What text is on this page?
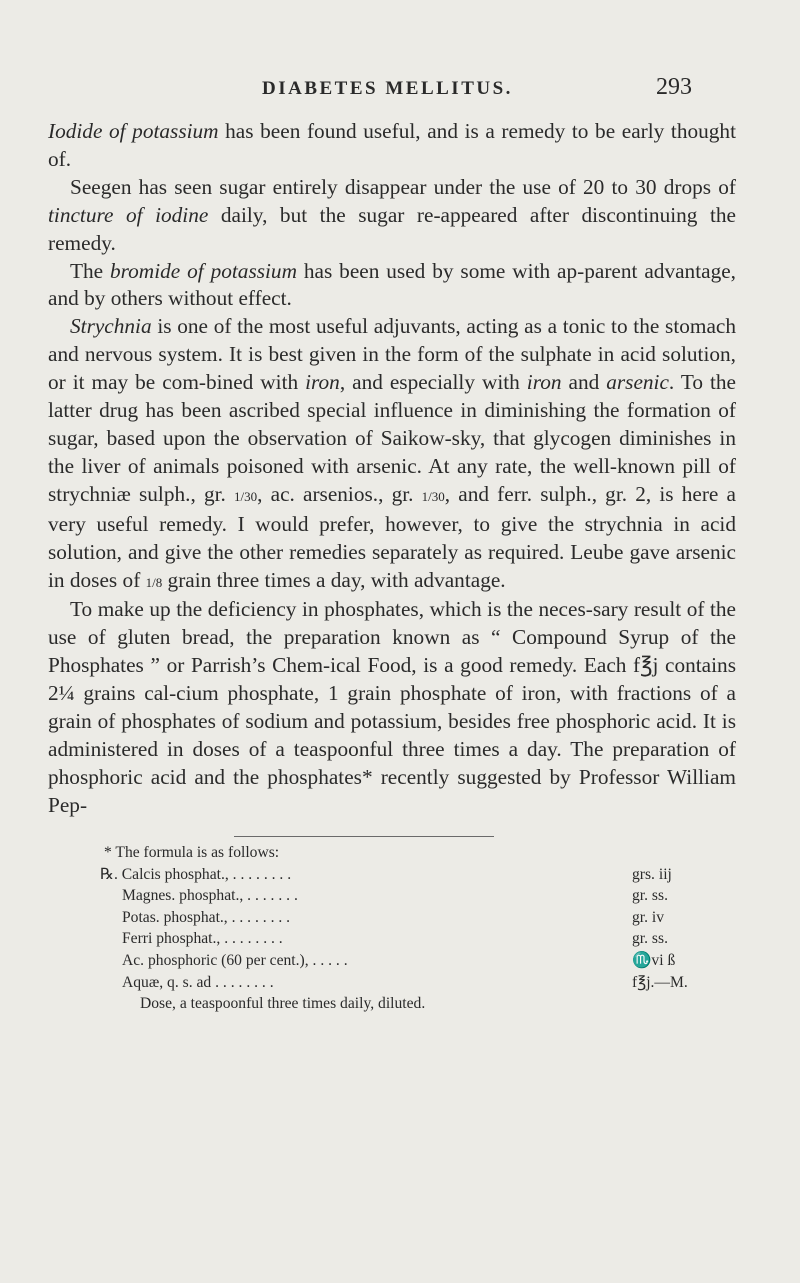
DIABETES MELLITUS.	293

Iodide of potassium has been found useful, and is a remedy to be early thought of.

Seegen has seen sugar entirely disappear under the use of 20 to 30 drops of tincture of iodine daily, but the sugar re-appeared after discontinuing the remedy.

The bromide of potassium has been used by some with ap-parent advantage, and by others without effect.

Strychnia is one of the most useful adjuvants, acting as a tonic to the stomach and nervous system. It is best given in the form of the sulphate in acid solution, or it may be com-bined with iron, and especially with iron and arsenic. To the latter drug has been ascribed special influence in diminishing the formation of sugar, based upon the observation of Saikow-sky, that glycogen diminishes in the liver of animals poisoned with arsenic. At any rate, the well-known pill of strychniæ sulph., gr. 1/30, ac. arsenios., gr. 1/30, and ferr. sulph., gr. 2, is here a very useful remedy. I would prefer, however, to give the strychnia in acid solution, and give the other remedies separately as required. Leube gave arsenic in doses of 1/8 grain three times a day, with advantage.

To make up the deficiency in phosphates, which is the neces-sary result of the use of gluten bread, the preparation known as “ Compound Syrup of the Phosphates ” or Parrish’s Chem-ical Food, is a good remedy. Each f℥j contains 2¼ grains cal-cium phosphate, 1 grain phosphate of iron, with fractions of a grain of phosphates of sodium and potassium, besides free phosphoric acid. It is administered in doses of a teaspoonful three times a day. The preparation of phosphoric acid and the phosphates* recently suggested by Professor William Pep-

* The formula is as follows:
℞. Calcis phosphat., . . . . . . . .	grs. iij
Magnes. phosphat., . . . . . . .	gr. ss.
Potas. phosphat., . . . . . . . .	gr. iv
Ferri phosphat., . . . . . . . .	gr. ss.
Ac. phosphoric (60 per cent.), . . . . .	♏vi ß
Aquæ, q. s. ad . . . . . . . .	f℥j.—M.
Dose, a teaspoonful three times daily, diluted.
